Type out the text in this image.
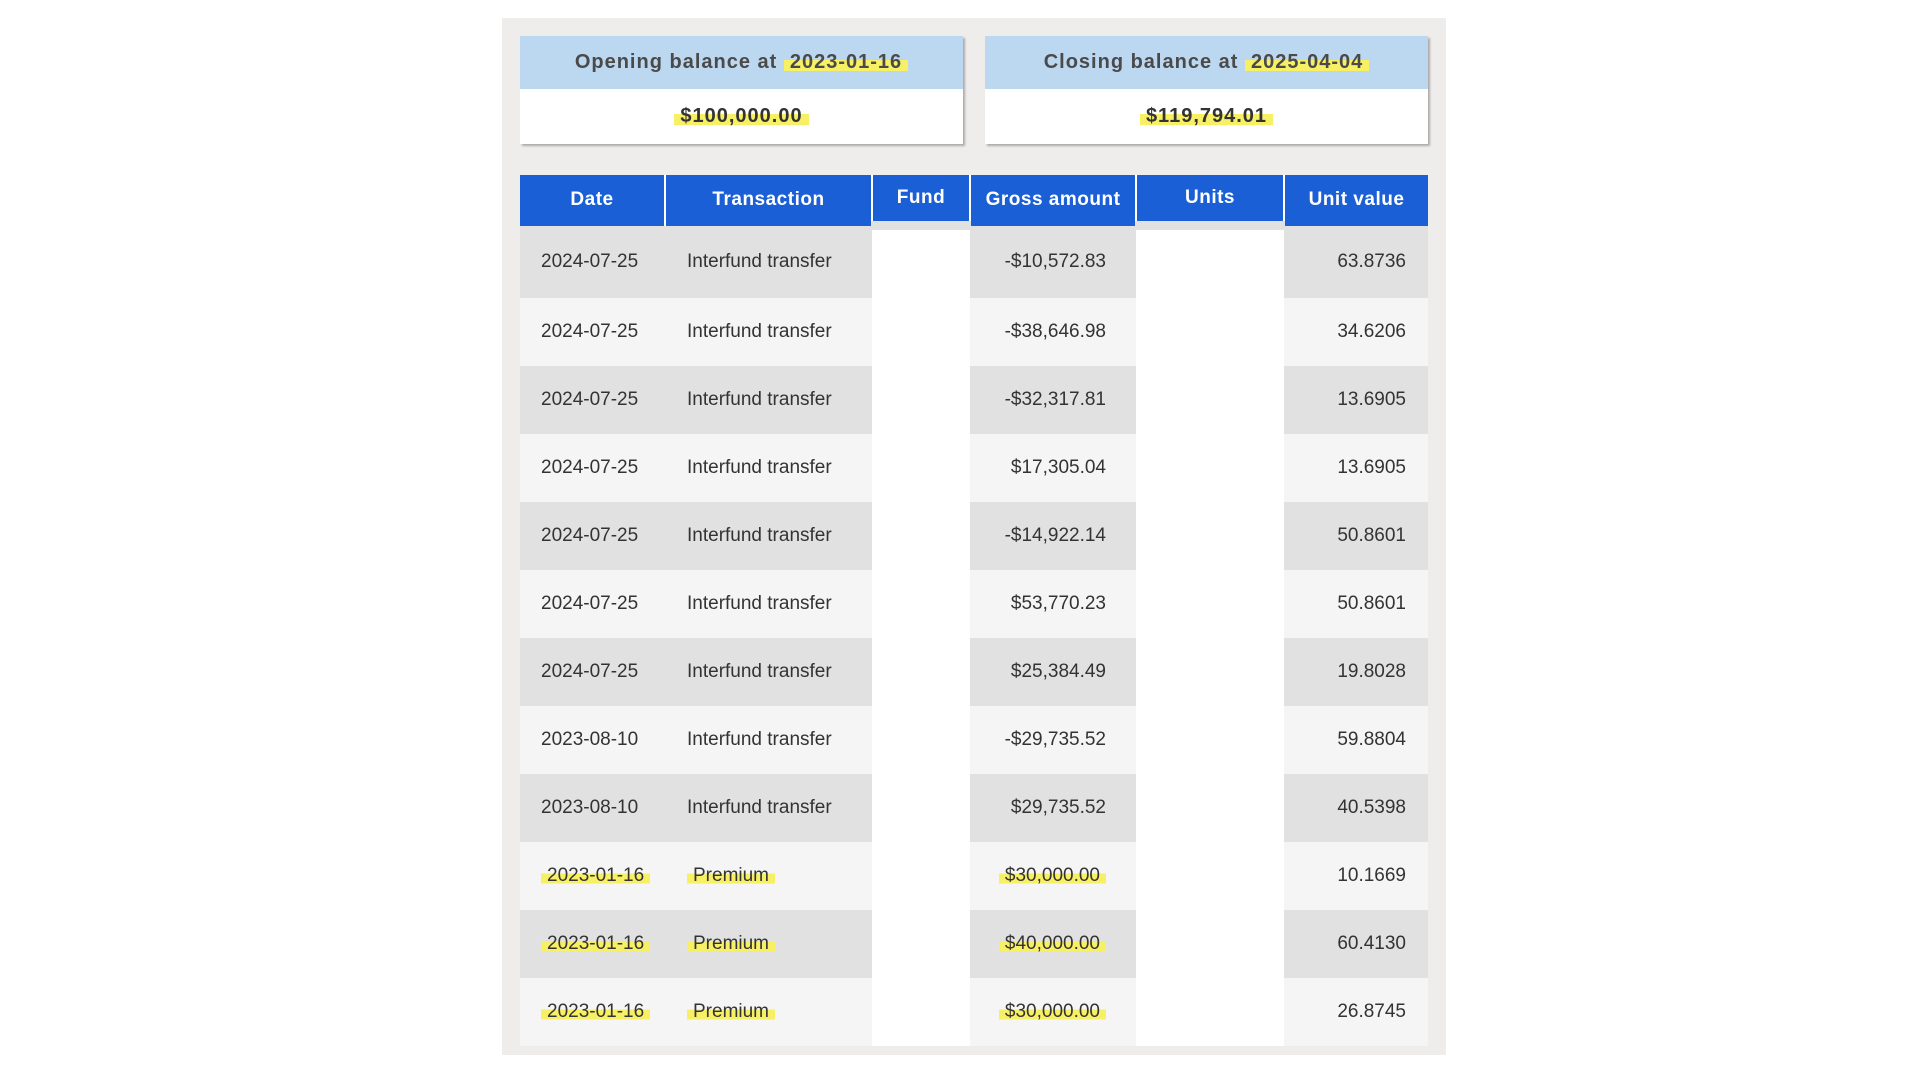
Opening balance at 2023-01-16
$100,000.00
Closing balance at 2025-04-04
$119,794.01
Date	Transaction	Fund	Gross amount	Units	Unit value
2024-07-25	Interfund transfer		-$10,572.83		63.8736
2024-07-25	Interfund transfer		-$38,646.98		34.6206
2024-07-25	Interfund transfer		-$32,317.81		13.6905
2024-07-25	Interfund transfer		$17,305.04		13.6905
2024-07-25	Interfund transfer		-$14,922.14		50.8601
2024-07-25	Interfund transfer		$53,770.23		50.8601
2024-07-25	Interfund transfer		$25,384.49		19.8028
2023-08-10	Interfund transfer		-$29,735.52		59.8804
2023-08-10	Interfund transfer		$29,735.52		40.5398
2023-01-16	Premium		$30,000.00		10.1669
2023-01-16	Premium		$40,000.00		60.4130
2023-01-16	Premium		$30,000.00		26.8745
